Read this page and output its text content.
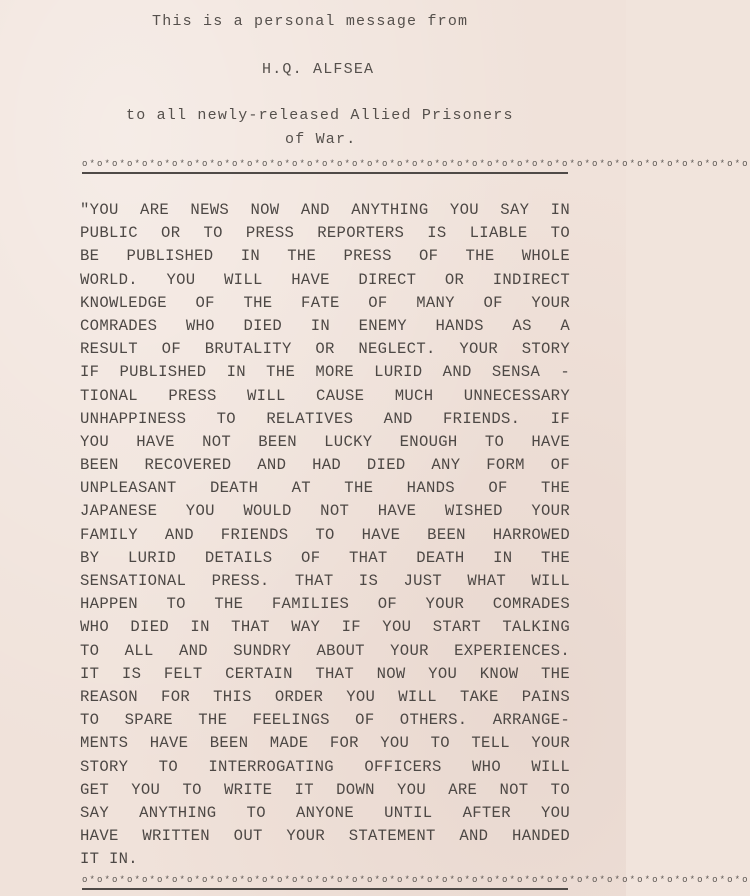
This is a personal message from
H.Q. ALFSEA
to all newly-released Allied Prisoners
of War.
o*o*o*o*o*o*o*o*o*o*o*o*o*o*o*o*o*o*o*o*o*o*o*o*o*o*o*o*o*o*o*o*o*o*o*o*o*o*o*o*o*o*o*o*o
"YOU ARE NEWS NOW AND ANYTHING YOU SAY IN
PUBLIC OR TO PRESS REPORTERS IS LIABLE TO
BE PUBLISHED IN THE PRESS OF THE WHOLE
WORLD. YOU WILL HAVE DIRECT OR INDIRECT
KNOWLEDGE OF THE FATE OF MANY OF YOUR
COMRADES WHO DIED IN ENEMY HANDS AS A
RESULT OF BRUTALITY OR NEGLECT. YOUR STORY
IF PUBLISHED IN THE MORE LURID AND SENSA -
TIONAL PRESS WILL CAUSE MUCH UNNECESSARY
UNHAPPINESS TO RELATIVES AND FRIENDS. IF
YOU HAVE NOT BEEN LUCKY ENOUGH TO HAVE
BEEN RECOVERED AND HAD DIED ANY FORM OF
UNPLEASANT DEATH AT THE HANDS OF THE
JAPANESE YOU WOULD NOT HAVE WISHED YOUR
FAMILY AND FRIENDS TO HAVE BEEN HARROWED
BY LURID DETAILS OF THAT DEATH IN THE
SENSATIONAL PRESS. THAT IS JUST WHAT WILL
HAPPEN TO THE FAMILIES OF YOUR COMRADES
WHO DIED IN THAT WAY IF YOU START TALKING
TO ALL AND SUNDRY ABOUT YOUR EXPERIENCES.
IT IS FELT CERTAIN THAT NOW YOU KNOW THE
REASON FOR THIS ORDER YOU WILL TAKE PAINS
TO SPARE THE FEELINGS OF OTHERS. ARRANGE-
MENTS HAVE BEEN MADE FOR YOU TO TELL YOUR
STORY TO INTERROGATING OFFICERS WHO WILL
GET YOU TO WRITE IT DOWN YOU ARE NOT TO
SAY ANYTHING TO ANYONE UNTIL AFTER YOU
HAVE WRITTEN OUT YOUR STATEMENT AND HANDED
IT IN.
o*o*o*o*o*o*o*o*o*o*o*o*o*o*o*o*o*o*o*o*o*o*o*o*o*o*o*o*o*o*o*o*o*o*o*o*o*o*o*o*o*o*o*o*o
